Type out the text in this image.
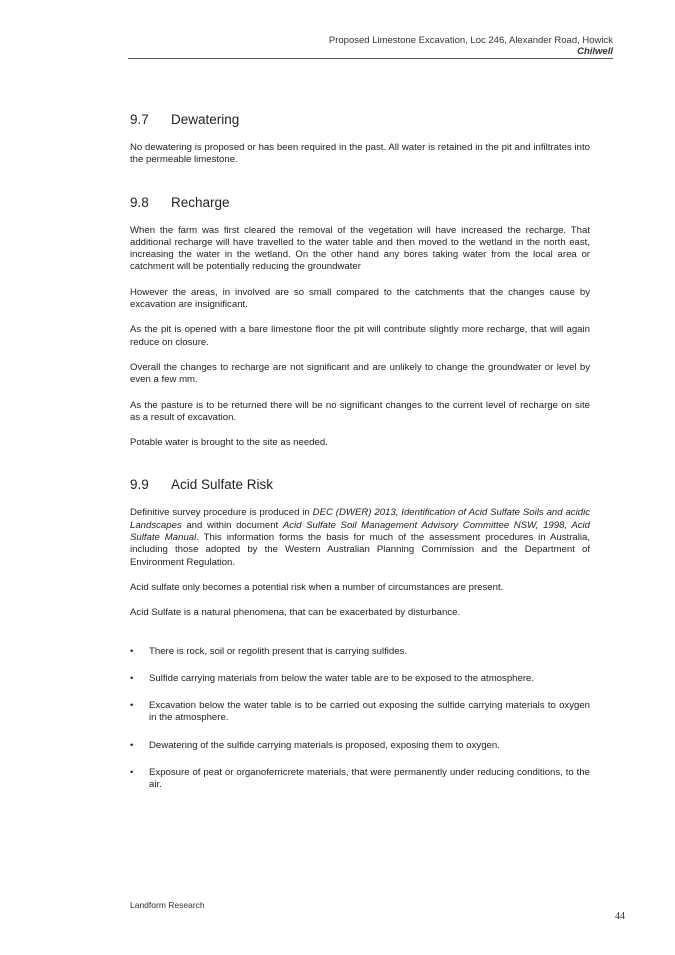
Proposed Limestone Excavation, Loc 246, Alexander Road, Howick
Chilwell
9.7 Dewatering

No dewatering is proposed or has been required in the past. All water is retained in the pit and infiltrates into the permeable limestone.

9.8 Recharge

When the farm was first cleared the removal of the vegetation will have increased the recharge. That additional recharge will have travelled to the water table and then moved to the wetland in the north east, increasing the water in the wetland. On the other hand any bores taking water from the local area or catchment will be potentially reducing the groundwater

However the areas, in involved are so small compared to the catchments that the changes cause by excavation are insignificant.

As the pit is opened with a bare limestone floor the pit will contribute slightly more recharge, that will again reduce on closure.

Overall the changes to recharge are not significant and are unlikely to change the groundwater or level by even a few mm.

As the pasture is to be returned there will be no significant changes to the current level of recharge on site as a result of excavation.

Potable water is brought to the site as needed.

9.9 Acid Sulfate Risk

Definitive survey procedure is produced in DEC (DWER) 2013, Identification of Acid Sulfate Soils and acidic Landscapes and within document Acid Sulfate Soil Management Advisory Committee NSW, 1998, Acid Sulfate Manual. This information forms the basis for much of the assessment procedures in Australia, including those adopted by the Western Australian Planning Commission and the Department of Environment Regulation.

Acid sulfate only becomes a potential risk when a number of circumstances are present.

Acid Sulfate is a natural phenomena, that can be exacerbated by disturbance.

• There is rock, soil or regolith present that is carrying sulfides.
• Sulfide carrying materials from below the water table are to be exposed to the atmosphere.
• Excavation below the water table is to be carried out exposing the sulfide carrying materials to oxygen in the atmosphere.
• Dewatering of the sulfide carrying materials is proposed, exposing them to oxygen.
• Exposure of peat or organoferricrete materials, that were permanently under reducing conditions, to the air.
Landform Research
44
